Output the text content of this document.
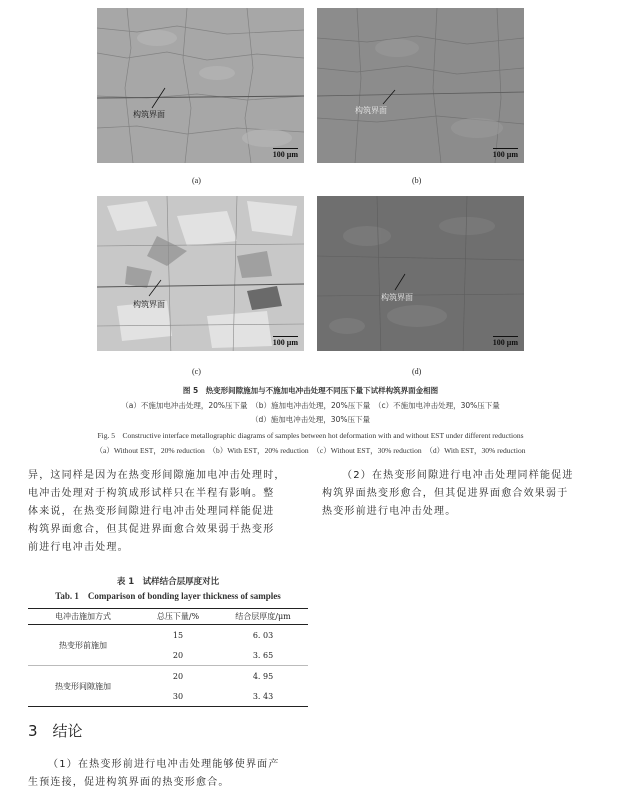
构筑界面
100 μm
(a)
构筑界面
100 μm
(b)
构筑界面
100 μm
(c)
构筑界面
100 μm
(d)
图 5　热变形间隙施加与不施加电冲击处理不同压下量下试样构筑界面金相图
（a）不施加电冲击处理，20%压下量　（b）施加电冲击处理，20%压下量　（c）不施加电冲击处理，30%压下量
（d）施加电冲击处理，30%压下量
Fig. 5　Constructive interface metallographic diagrams of samples between hot deformation with and without EST under different reductions
（a）Without EST，20% reduction　（b）With EST，20% reduction　（c）Without EST，30% reduction　（d）With EST，30% reduction
异，这同样是因为在热变形间隙施加电冲击处理时，
电冲击处理对于构筑成形试样只在半程有影响。整
体来说，在热变形间隙进行电冲击处理同样能促进
构筑界面愈合，但其促进界面愈合效果弱于热变形
前进行电冲击处理。
（2）在热变形间隙进行电冲击处理同样能促进
构筑界面热变形愈合，但其促进界面愈合效果弱于
热变形前进行电冲击处理。
表 1　试样结合层厚度对比
Tab. 1　Comparison of bonding layer thickness of samples
电冲击施加方式	总压下量/%	结合层厚度/μm
热变形前施加	15	6. 03
	20	3. 65
热变形间隙施加	20	4. 95
	30	3. 43
3　结论
（1）在热变形前进行电冲击处理能够使界面产
生预连接，促进构筑界面的热变形愈合。
